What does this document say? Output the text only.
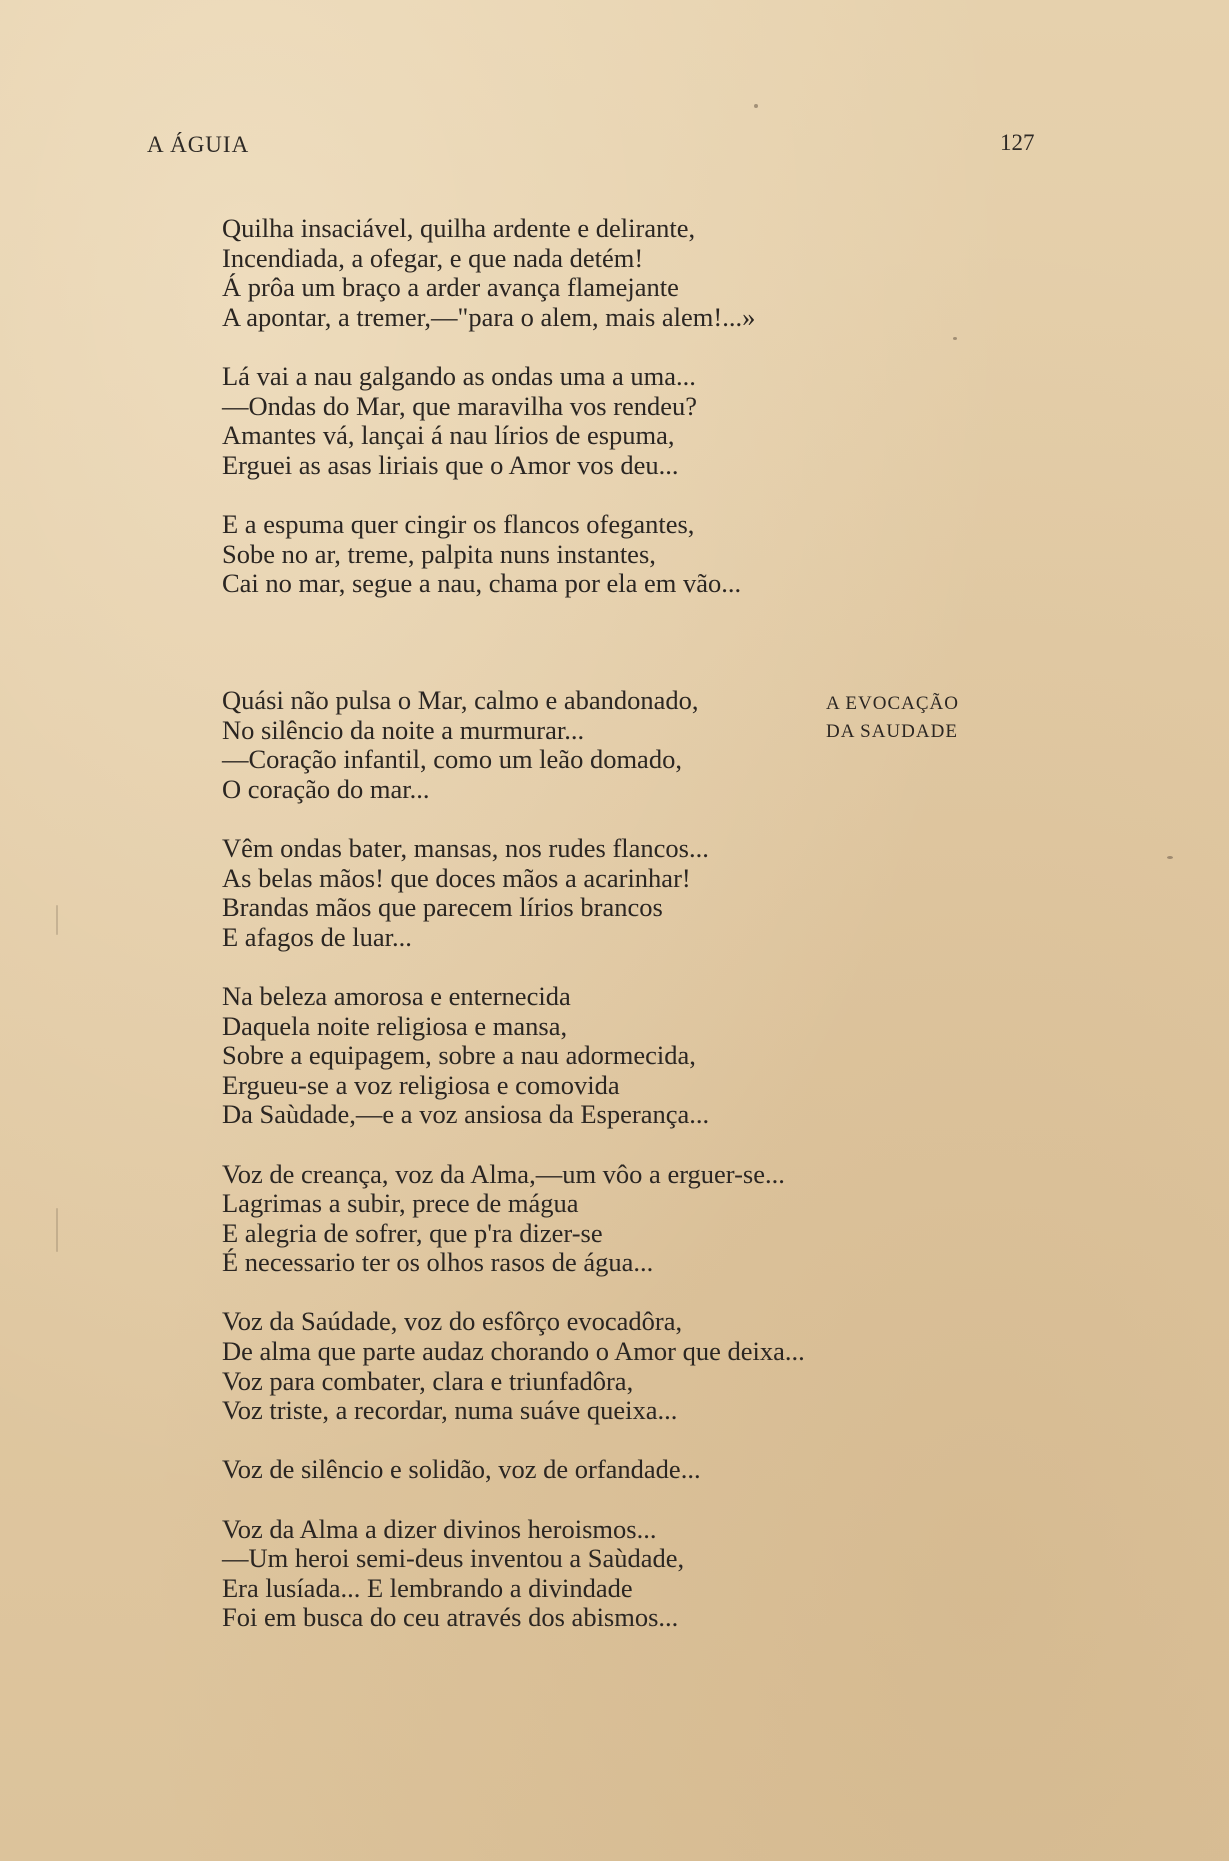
A ÁGUIA	127
Quilha insaciável, quilha ardente e delirante,
Incendiada, a ofegar, e que nada detém!
Á prôa um braço a arder avança flamejante
A apontar, a tremer,—"para o alem, mais alem!...»
Lá vai a nau galgando as ondas uma a uma...
—Ondas do Mar, que maravilha vos rendeu?
Amantes vá, lançai á nau lírios de espuma,
Erguei as asas liriais que o Amor vos deu...
E a espuma quer cingir os flancos ofegantes,
Sobe no ar, treme, palpita nuns instantes,
Cai no mar, segue a nau, chama por ela em vão...
A EVOCAÇÃO
DA SAUDADE
Quási não pulsa o Mar, calmo e abandonado,
No silêncio da noite a murmurar...
—Coração infantil, como um leão domado,
O coração do mar...
Vêm ondas bater, mansas, nos rudes flancos...
As belas mãos! que doces mãos a acarinhar!
Brandas mãos que parecem lírios brancos
E afagos de luar...
Na beleza amorosa e enternecida
Daquela noite religiosa e mansa,
Sobre a equipagem, sobre a nau adormecida,
Ergueu-se a voz religiosa e comovida
Da Saùdade,—e a voz ansiosa da Esperança...
Voz de creança, voz da Alma,—um vôo a erguer-se...
Lagrimas a subir, prece de mágua
E alegria de sofrer, que p'ra dizer-se
É necessario ter os olhos rasos de água...
Voz da Saúdade, voz do esfôrço evocadôra,
De alma que parte audaz chorando o Amor que deixa...
Voz para combater, clara e triunfadôra,
Voz triste, a recordar, numa suáve queixa...
Voz de silêncio e solidão, voz de orfandade...
Voz da Alma a dizer divinos heroismos...
—Um heroi semi-deus inventou a Saùdade,
Era lusíada... E lembrando a divindade
Foi em busca do ceu através dos abismos...
